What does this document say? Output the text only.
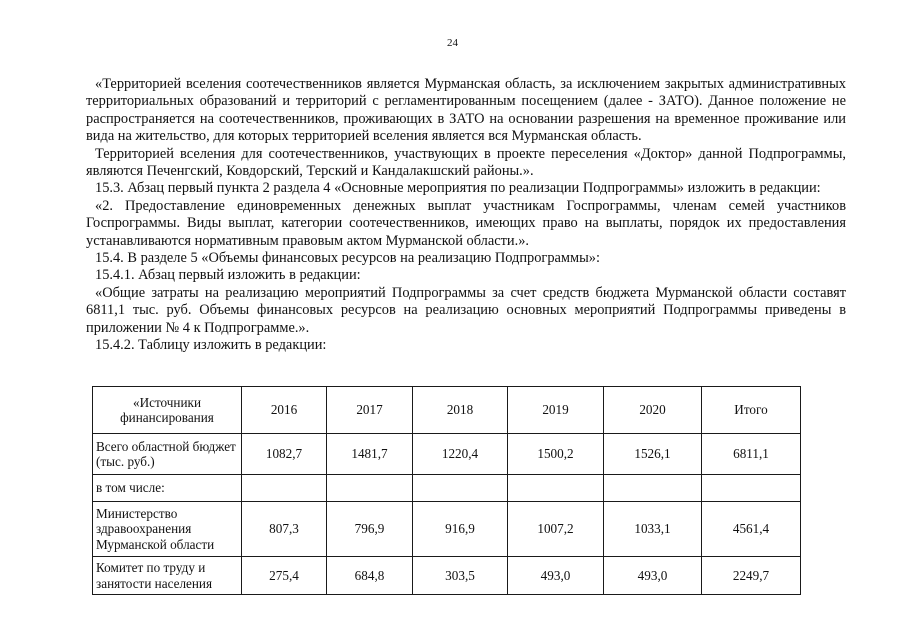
24

«Территорией вселения соотечественников является Мурманская область, за исключением закрытых административных территориальных образований и территорий с регламентированным посещением (далее - ЗАТО). Данное положение не распространяется на соотечественников, проживающих в ЗАТО на основании разрешения на временное проживание или вида на жительство, для которых территорией вселения является вся Мурманская область.

Территорией вселения для соотечественников, участвующих в проекте переселения «Доктор» данной Подпрограммы, являются Печенгский, Ковдорский, Терский и Кандалакшский районы.».

15.3. Абзац первый пункта 2 раздела 4 «Основные мероприятия по реализации Подпрограммы» изложить в редакции:

«2. Предоставление единовременных денежных выплат участникам Госпрограммы, членам семей участников Госпрограммы. Виды выплат, категории соотечественников, имеющих право на выплаты, порядок их предоставления устанавливаются нормативным правовым актом Мурманской области.».

15.4. В разделе 5 «Объемы финансовых ресурсов на реализацию Подпрограммы»:

15.4.1. Абзац первый изложить в редакции:

«Общие затраты на реализацию мероприятий Подпрограммы за счет средств бюджета Мурманской области составят 6811,1 тыс. руб. Объемы финансовых ресурсов на реализацию основных мероприятий Подпрограммы приведены в приложении № 4 к Подпрограмме.».

15.4.2. Таблицу изложить в редакции:

«Источники финансирования	2016	2017	2018	2019	2020	Итого
Всего областной бюджет (тыс. руб.)	1082,7	1481,7	1220,4	1500,2	1526,1	6811,1
в том числе:						
Министерство здравоохранения Мурманской области	807,3	796,9	916,9	1007,2	1033,1	4561,4
Комитет по труду и занятости населения	275,4	684,8	303,5	493,0	493,0	2249,7
